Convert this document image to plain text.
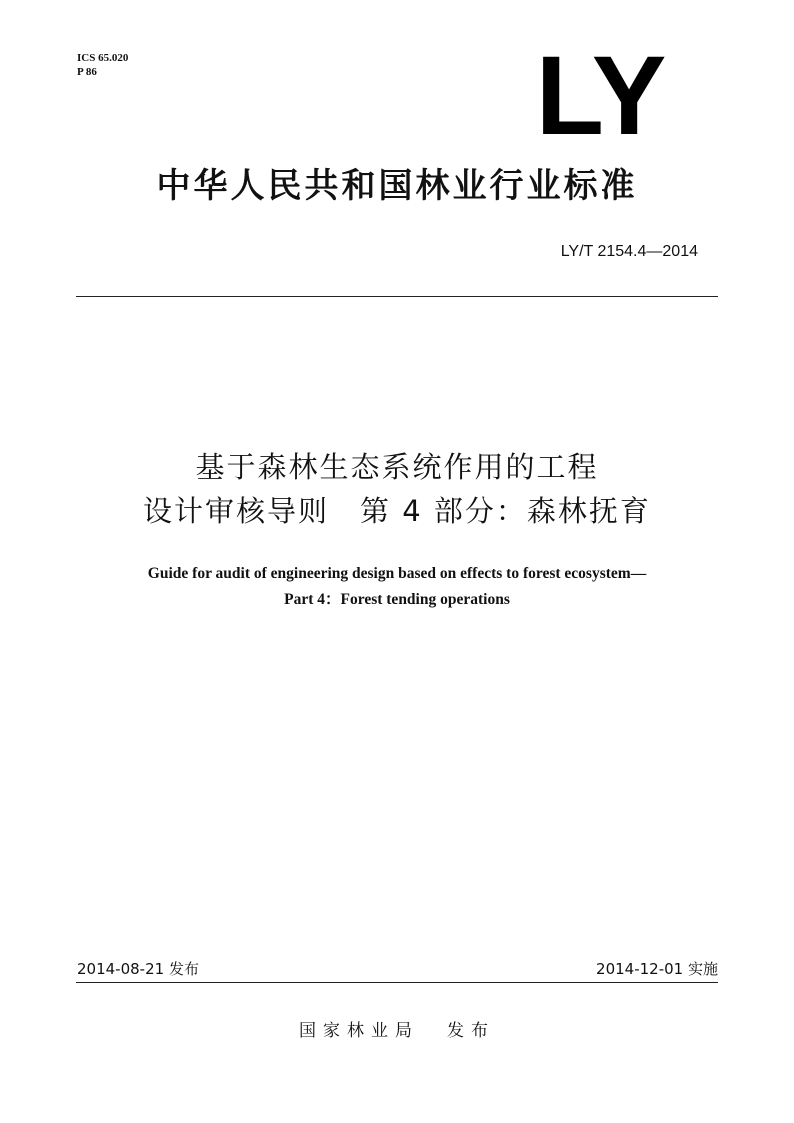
ICS 65.020
P 86	LY
中华人民共和国林业行业标准
LY/T 2154.4—2014
基于森林生态系统作用的工程
设计审核导则　第 4 部分：森林抚育
Guide for audit of engineering design based on effects to forest ecosystem—
Part 4：Forest tending operations
2014-08-21 发布	2014-12-01 实施
国家林业局 发布
